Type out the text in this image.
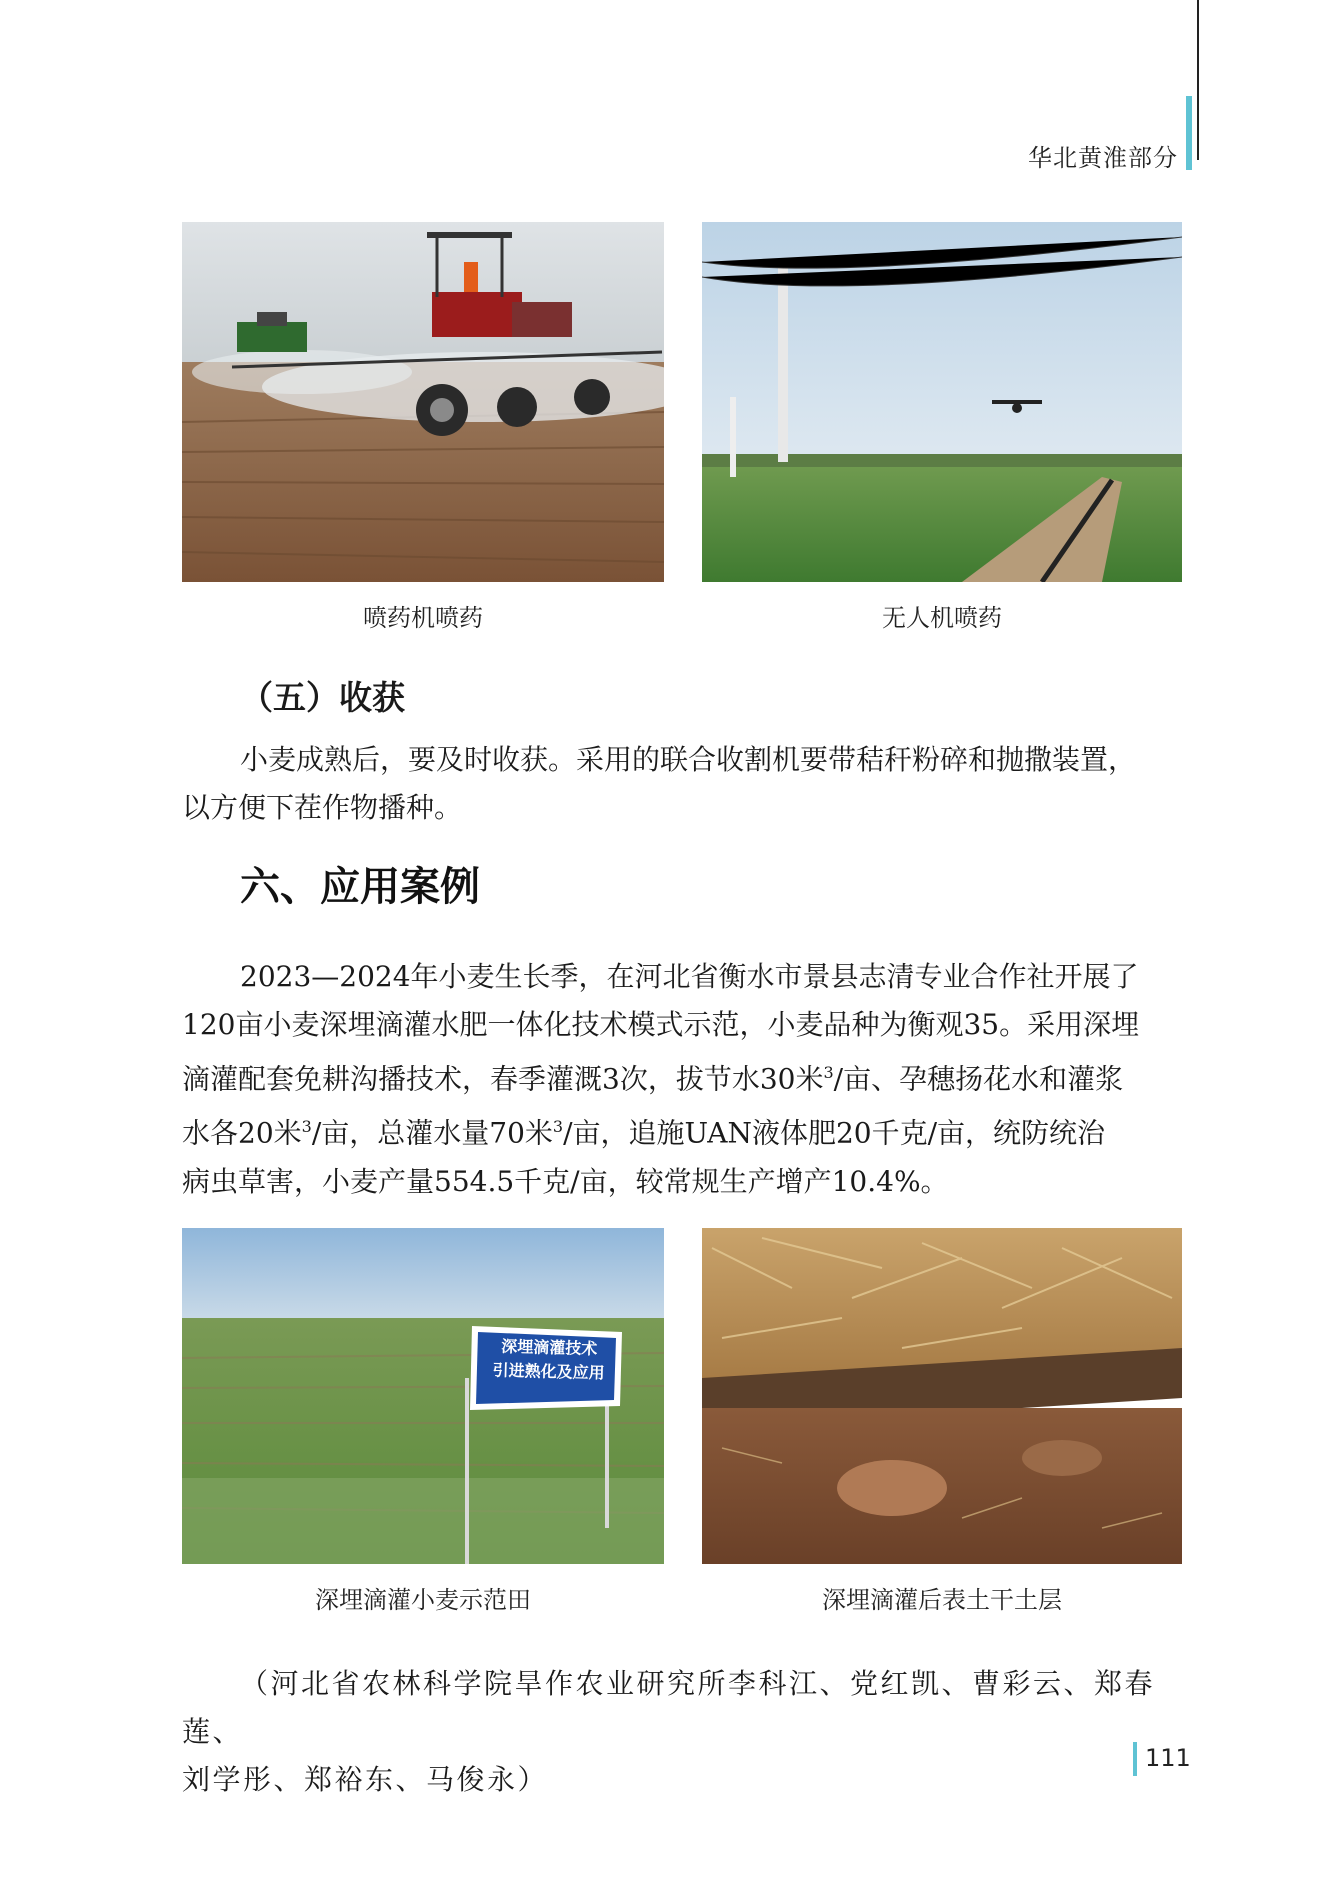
华北黄淮部分
喷药机喷药	无人机喷药
（五）收获

小麦成熟后，要及时收获。采用的联合收割机要带秸秆粉碎和抛撒装置，
以方便下茬作物播种。

六、应用案例

2023—2024年小麦生长季，在河北省衡水市景县志清专业合作社开展了
120亩小麦深埋滴灌水肥一体化技术模式示范，小麦品种为衡观35。采用深埋
滴灌配套免耕沟播技术，春季灌溉3次，拔节水30米$^3$/亩、孕穗扬花水和灌浆
水各20米$^3$/亩，总灌水量70米$^3$/亩，追施UAN液体肥20千克/亩，统防统治
病虫草害，小麦产量554.5千克/亩，较常规生产增产10.4%。

深埋滴灌技术
引进熟化及应用
深埋滴灌小麦示范田	深埋滴灌后表土干土层

（河北省农林科学院旱作农业研究所李科江、党红凯、曹彩云、郑春莲、
刘学彤、郑裕东、马俊永）

111
